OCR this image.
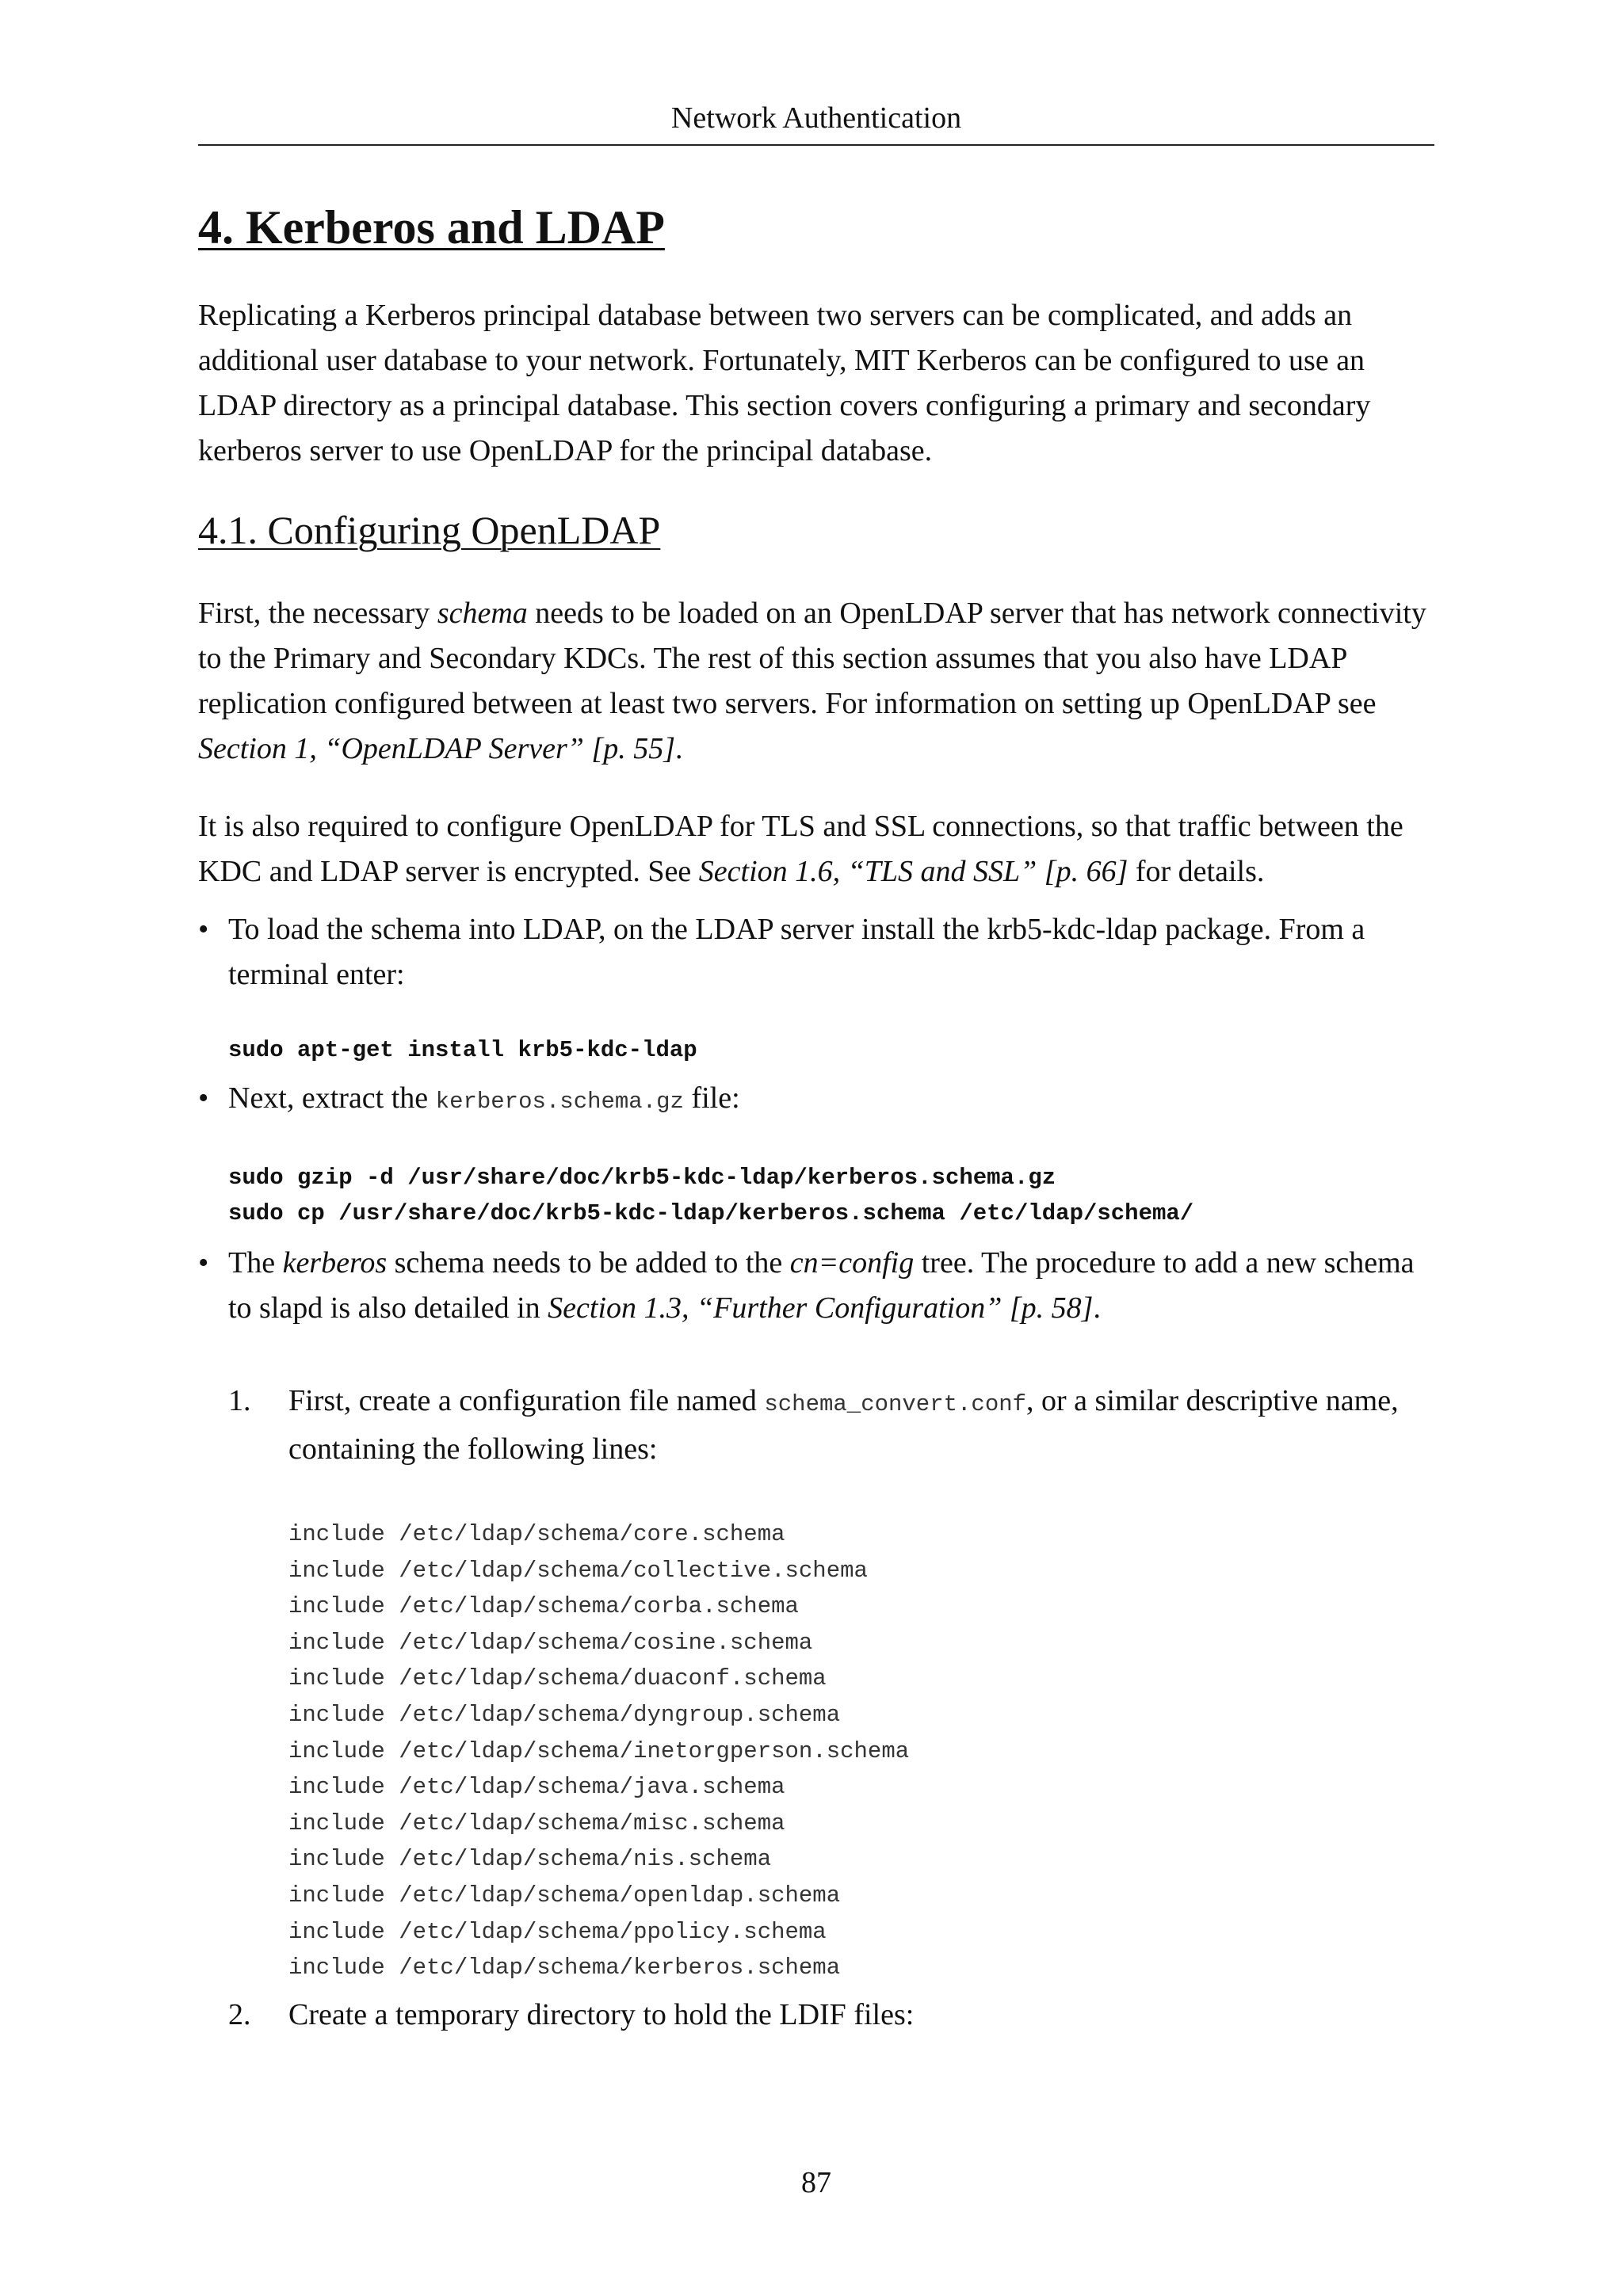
Network Authentication
4. Kerberos and LDAP

Replicating a Kerberos principal database between two servers can be complicated, and adds an additional user database to your network. Fortunately, MIT Kerberos can be configured to use an LDAP directory as a principal database. This section covers configuring a primary and secondary kerberos server to use OpenLDAP for the principal database.

4.1. Configuring OpenLDAP

First, the necessary schema needs to be loaded on an OpenLDAP server that has network connectivity to the Primary and Secondary KDCs. The rest of this section assumes that you also have LDAP replication configured between at least two servers. For information on setting up OpenLDAP see Section 1, “OpenLDAP Server” [p. 55].

It is also required to configure OpenLDAP for TLS and SSL connections, so that traffic between the KDC and LDAP server is encrypted. See Section 1.6, “TLS and SSL” [p. 66] for details.

• To load the schema into LDAP, on the LDAP server install the krb5-kdc-ldap package. From a terminal enter:
sudo apt-get install krb5-kdc-ldap
• Next, extract the kerberos.schema.gz file:
sudo gzip -d /usr/share/doc/krb5-kdc-ldap/kerberos.schema.gz
sudo cp /usr/share/doc/krb5-kdc-ldap/kerberos.schema /etc/ldap/schema/
• The kerberos schema needs to be added to the cn=config tree. The procedure to add a new schema to slapd is also detailed in Section 1.3, “Further Configuration” [p. 58].
1.	First, create a configuration file named schema_convert.conf, or a similar descriptive name, containing the following lines:
include /etc/ldap/schema/core.schema
include /etc/ldap/schema/collective.schema
include /etc/ldap/schema/corba.schema
include /etc/ldap/schema/cosine.schema
include /etc/ldap/schema/duaconf.schema
include /etc/ldap/schema/dyngroup.schema
include /etc/ldap/schema/inetorgperson.schema
include /etc/ldap/schema/java.schema
include /etc/ldap/schema/misc.schema
include /etc/ldap/schema/nis.schema
include /etc/ldap/schema/openldap.schema
include /etc/ldap/schema/ppolicy.schema
include /etc/ldap/schema/kerberos.schema
2.	Create a temporary directory to hold the LDIF files:
87
